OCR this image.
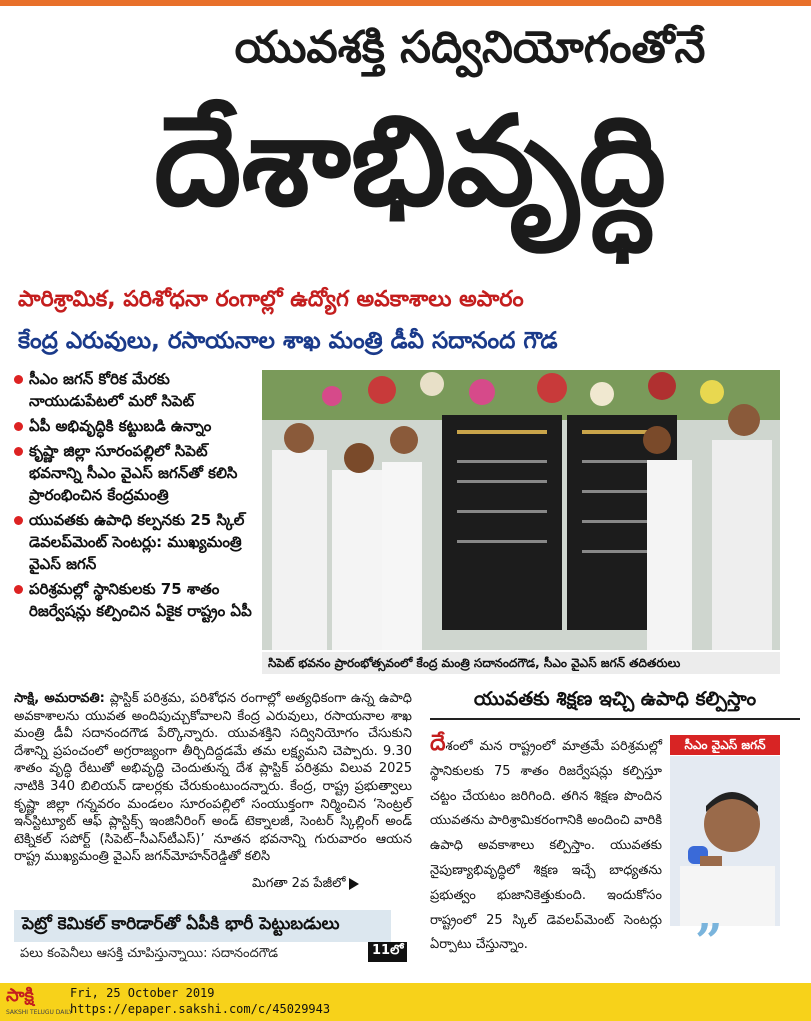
యువశక్తి సద్వినియోగంతోనే
దేశాభివృద్ధి
పారిశ్రామిక, పరిశోధనా రంగాల్లో ఉద్యోగ అవకాశాలు అపారం
కేంద్ర ఎరువులు, రసాయనాల శాఖ మంత్రి డీవీ సదానంద గౌడ
సీఎం జగన్ కోరిక మేరకు నాయుడుపేటలో మరో సిపెట్
ఏపీ అభివృద్ధికి కట్టుబడి ఉన్నాం
కృష్ణా జిల్లా సూరంపల్లిలో సిపెట్ భవనాన్ని సీఎం వైఎస్ జగన్‌తో కలిసి ప్రారంభించిన కేంద్రమంత్రి
యువతకు ఉపాధి కల్పనకు 25 స్కిల్ డెవలప్‌మెంట్ సెంటర్లు: ముఖ్యమంత్రి వైఎస్ జగన్
పరిశ్రమల్లో స్థానికులకు 75 శాతం రిజర్వేషన్లు కల్పించిన ఏకైక రాష్ట్రం ఏపీ
సిపెట్ భవనం ప్రారంభోత్సవంలో కేంద్ర మంత్రి సదానందగౌడ, సీఎం వైఎస్ జగన్ తదితరులు
సాక్షి, అమరావతి: ప్లాస్టిక్ పరిశ్రమ, పరిశోధన రంగాల్లో అత్యధికంగా ఉన్న ఉపాధి అవకాశాలను యువత అందిపుచ్చుకోవాలని కేంద్ర ఎరువులు, రసాయనాల శాఖ మంత్రి డీవీ సదానందగౌడ పేర్కొన్నారు. యువశక్తిని సద్వినియోగం చేసుకుని దేశాన్ని ప్రపంచంలో అగ్రరాజ్యంగా తీర్చిదిద్దడమే తమ లక్ష్యమని చెప్పారు. 9.30 శాతం వృద్ధి రేటుతో అభివృద్ధి చెందుతున్న దేశ ప్లాస్టిక్ పరిశ్రమ విలువ 2025 నాటికి 340 బిలియన్ డాలర్లకు చేరుకుంటుందన్నారు. కేంద్ర, రాష్ట్ర ప్రభుత్వాలు కృష్ణా జిల్లా గన్నవరం మండలం సూరంపల్లిలో సంయుక్తంగా నిర్మించిన ‘సెంట్రల్ ఇన్‌స్టిట్యూట్ ఆఫ్ ప్లాస్టిక్స్ ఇంజినీరింగ్ అండ్ టెక్నాలజీ, సెంటర్ స్కిల్లింగ్ అండ్ టెక్నికల్ సపోర్ట్ (సిపెట్–సీఎస్‌టీఎస్)’ నూతన భవనాన్ని గురువారం ఆయన రాష్ట్ర ముఖ్యమంత్రి వైఎస్ జగన్‌మోహన్‌రెడ్డితో కలిసి
మిగతా 2వ పేజీలో
పెట్రో కెమికల్ కారిడార్‌తో ఏపీకి భారీ పెట్టుబడులు
పలు కంపెనీలు ఆసక్తి చూపిస్తున్నాయి: సదానందగౌడ	11లో
యువతకు శిక్షణ ఇచ్చి ఉపాధి కల్పిస్తాం
దేశంలో మన రాష్ట్రంలో మాత్రమే పరిశ్రమల్లో స్థానికులకు 75 శాతం రిజర్వేషన్లు కల్పిస్తూ చట్టం చేయటం జరిగింది. తగిన శిక్షణ పొందిన యువతను పారిశ్రామికరంగానికి అందించి వారికి ఉపాధి అవకాశాలు కల్పిస్తాం. యువతకు నైపుణ్యాభివృద్ధిలో శిక్షణ ఇచ్చే బాధ్యతను ప్రభుత్వం భుజానికెత్తుకుంది. ఇందుకోసం రాష్ట్రంలో 25 స్కిల్ డెవలప్‌మెంట్ సెంటర్లు ఏర్పాటు చేస్తున్నాం.
సీఎం వైఎస్ జగన్
”
సాక్షి
SAKSHI TELUGU DAILY
Fri, 25 October 2019
https://epaper.sakshi.com/c/45029943
